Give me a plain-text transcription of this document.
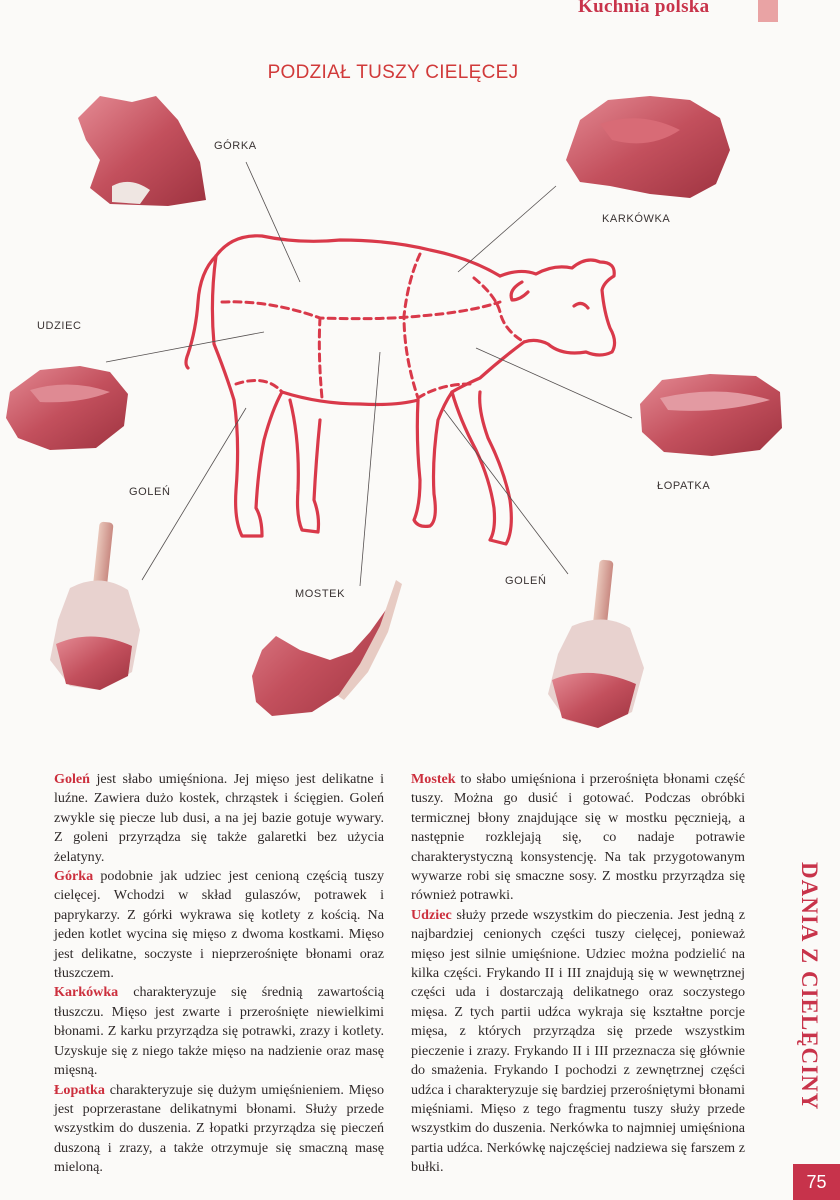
Kuchnia polska
PODZIAŁ TUSZY CIELĘCEJ
GÓRKA
KARKÓWKA
UDZIEC
ŁOPATKA
GOLEŃ
GOLEŃ
MOSTEK

Goleń jest słabo umięśniona. Jej mięso jest delikatne i luźne. Zawiera dużo kostek, chrząstek i ścięgien. Goleń zwykle się piecze lub dusi, a na jej bazie gotuje wywary. Z goleni przyrządza się także galaretki bez użycia żelatyny.

Górka podobnie jak udziec jest cenioną częścią tuszy cielęcej. Wchodzi w skład gulaszów, potrawek i paprykarzy. Z górki wykrawa się kotlety z kością. Na jeden kotlet wycina się mięso z dwoma kostkami. Mięso jest delikatne, soczyste i nieprzerośnięte błonami oraz tłuszczem.

Karkówka charakteryzuje się średnią zawartością tłuszczu. Mięso jest zwarte i przerośnięte niewielkimi błonami. Z karku przyrządza się potrawki, zrazy i kotlety. Uzyskuje się z niego także mięso na nadzienie oraz masę mięsną.

Łopatka charakteryzuje się dużym umięśnieniem. Mięso jest poprzerastane delikatnymi błonami. Służy przede wszystkim do duszenia. Z łopatki przyrządza się pieczeń duszoną i zrazy, a także otrzymuje się smaczną masę mieloną.

Mostek to słabo umięśniona i przerośnięta błonami część tuszy. Można go dusić i gotować. Podczas obróbki termicznej błony znajdujące się w mostku pęcznieją, a następnie rozklejają się, co nadaje potrawie charakterystyczną konsystencję. Na tak przygotowanym wywarze robi się smaczne sosy. Z mostku przyrządza się również potrawki.

Udziec służy przede wszystkim do pieczenia. Jest jedną z najbardziej cenionych części tuszy cielęcej, ponieważ mięso jest silnie umięśnione. Udziec można podzielić na kilka części. Frykando II i III znajdują się w wewnętrznej części uda i dostarczają delikatnego oraz soczystego mięsa. Z tych partii udźca wykraja się kształtne porcje mięsa, z których przyrządza się przede wszystkim pieczenie i zrazy. Frykando II i III przeznacza się głównie do smażenia. Frykando I pochodzi z zewnętrznej części udźca i charakteryzuje się bardziej przerośniętymi błonami mięśniami. Mięso z tego fragmentu tuszy służy przede wszystkim do duszenia. Nerkówka to najmniej umięśniona partia udźca. Nerkówkę najczęściej nadziewa się farszem z bułki.

DANIA Z CIELĘCINY
75
